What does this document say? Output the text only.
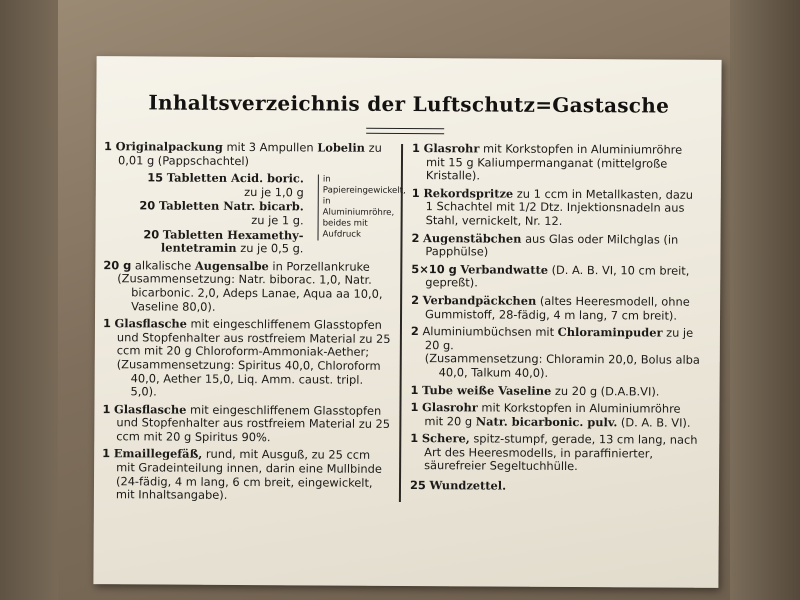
Inhaltsverzeichnis der Luftschutz=Gastasche
1 Originalpackung mit 3 Ampullen Lobelin zu 0,01 g (Pappschachtel)
15 Tabletten Acid. boric.
zu je 1,0 g
20 Tabletten Natr. bicarb.
zu je 1 g.
20 Tabletten Hexamethy- lentetramin zu je 0,5 g.
in Papiereingewickelt, in Aluminiumröhre, beides mit Aufdruck
20 g alkalische Augensalbe in Porzellankruke
(Zusammensetzung: Natr. biborac. 1,0, Natr. bicarbonic. 2,0, Adeps Lanae, Aqua aa 10,0, Vaseline 80,0).
1 Glasflasche mit eingeschliffenem Glasstopfen und Stopfenhalter aus rostfreiem Material zu 25 ccm mit 20 g Chloroform-Ammoniak-Aether;
(Zusammensetzung: Spiritus 40,0, Chloroform 40,0, Aether 15,0, Liq. Amm. caust. tripl. 5,0).
1 Glasflasche mit eingeschliffenem Glasstopfen und Stopfenhalter aus rostfreiem Material zu 25 ccm mit 20 g Spiritus 90%.
1 Emaillegefäß, rund, mit Ausguß, zu 25 ccm mit Gradeinteilung innen, darin eine Mullbinde (24-fädig, 4 m lang, 6 cm breit, eingewickelt, mit Inhaltsangabe).
1 Glasrohr mit Korkstopfen in Aluminiumröhre mit 15 g Kaliumpermanganat (mittelgroße Kristalle).
1 Rekordspritze zu 1 ccm in Metallkasten, dazu 1 Schachtel mit 1/2 Dtz. Injektionsnadeln aus Stahl, vernickelt, Nr. 12.
2 Augenstäbchen aus Glas oder Milchglas (in Papphülse)
5×10 g Verbandwatte (D. A. B. VI, 10 cm breit, gepreßt).
2 Verbandpäckchen (altes Heeresmodell, ohne Gummistoff, 28-fädig, 4 m lang, 7 cm breit).
2 Aluminiumbüchsen mit Chloraminpuder zu je 20 g.
(Zusammensetzung: Chloramin 20,0, Bolus alba 40,0, Talkum 40,0).
1 Tube weiße Vaseline zu 20 g (D.A.B.VI).
1 Glasrohr mit Korkstopfen in Aluminiumröhre mit 20 g Natr. bicarbonic. pulv. (D. A. B. VI).
1 Schere, spitz-stumpf, gerade, 13 cm lang, nach Art des Heeresmodells, in paraffinierter, säurefreier Segeltuchhülle.
25 Wundzettel.
